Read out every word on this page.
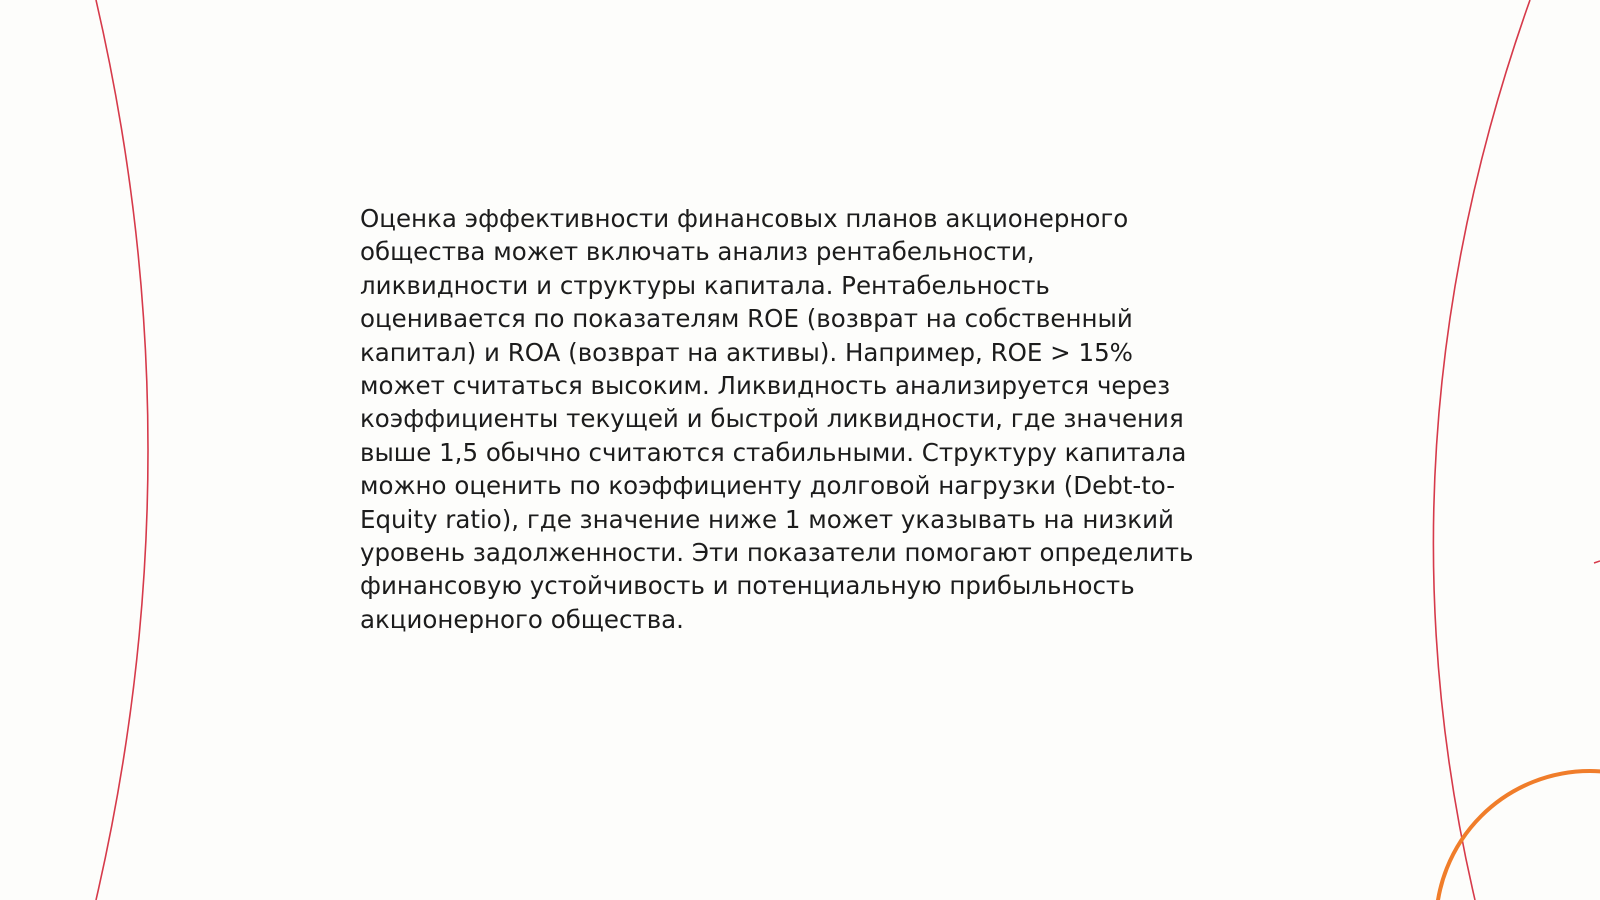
Оценка эффективности финансовых планов акционерного
общества может включать анализ рентабельности,
ликвидности и структуры капитала. Рентабельность
оценивается по показателям ROE (возврат на собственный
капитал) и ROA (возврат на активы). Например, ROE > 15%
может считаться высоким. Ликвидность анализируется через
коэффициенты текущей и быстрой ликвидности, где значения
выше 1,5 обычно считаются стабильными. Структуру капитала
можно оценить по коэффициенту долговой нагрузки (Debt-to-
Equity ratio), где значение ниже 1 может указывать на низкий
уровень задолженности. Эти показатели помогают определить
финансовую устойчивость и потенциальную прибыльность
акционерного общества.
